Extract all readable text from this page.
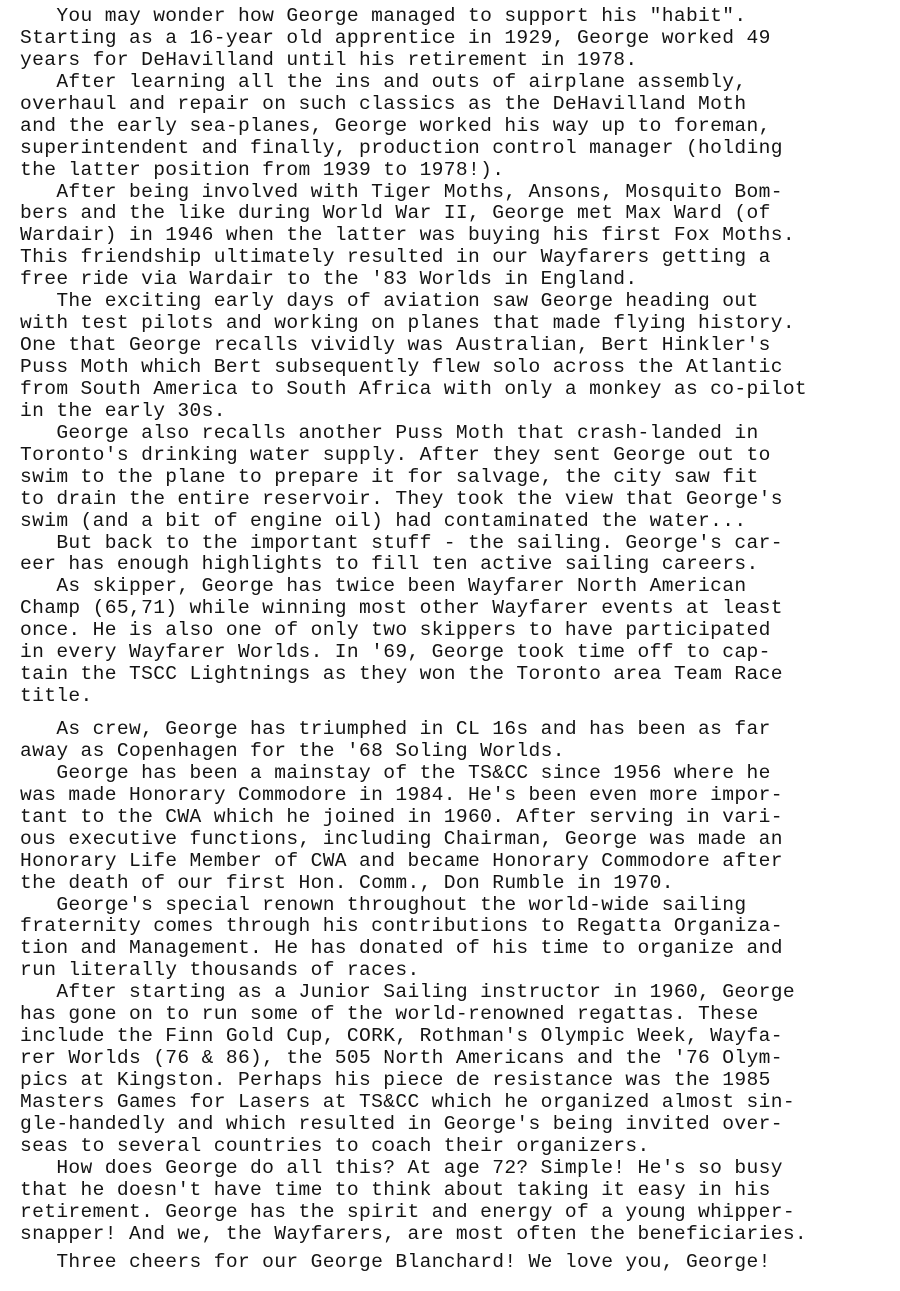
You may wonder how George managed to support his "habit".
Starting as a 16-year old apprentice in 1929, George worked 49
years for DeHavilland until his retirement in 1978.
After learning all the ins and outs of airplane assembly,
overhaul and repair on such classics as the DeHavilland Moth
and the early sea-planes, George worked his way up to foreman,
superintendent and finally, production control manager (holding
the latter position from 1939 to 1978!).
After being involved with Tiger Moths, Ansons, Mosquito Bom-
bers and the like during World War II, George met Max Ward (of
Wardair) in 1946 when the latter was buying his first Fox Moths.
This friendship ultimately resulted in our Wayfarers getting a
free ride via Wardair to the '83 Worlds in England.
The exciting early days of aviation saw George heading out
with test pilots and working on planes that made flying history.
One that George recalls vividly was Australian, Bert Hinkler's
Puss Moth which Bert subsequently flew solo across the Atlantic
from South America to South Africa with only a monkey as co-pilot
in the early 30s.
George also recalls another Puss Moth that crash-landed in
Toronto's drinking water supply. After they sent George out to
swim to the plane to prepare it for salvage, the city saw fit
to drain the entire reservoir. They took the view that George's
swim (and a bit of engine oil) had contaminated the water...
But back to the important stuff - the sailing. George's car-
eer has enough highlights to fill ten active sailing careers.
As skipper, George has twice been Wayfarer North American
Champ (65,71) while winning most other Wayfarer events at least
once. He is also one of only two skippers to have participated
in every Wayfarer Worlds. In '69, George took time off to cap-
tain the TSCC Lightnings as they won the Toronto area Team Race
title.
As crew, George has triumphed in CL 16s and has been as far
away as Copenhagen for the '68 Soling Worlds.
George has been a mainstay of the TS&CC since 1956 where he
was made Honorary Commodore in 1984. He's been even more impor-
tant to the CWA which he joined in 1960. After serving in vari-
ous executive functions, including Chairman, George was made an
Honorary Life Member of CWA and became Honorary Commodore after
the death of our first Hon. Comm., Don Rumble in 1970.
George's special renown throughout the world-wide sailing
fraternity comes through his contributions to Regatta Organiza-
tion and Management. He has donated of his time to organize and
run literally thousands of races.
After starting as a Junior Sailing instructor in 1960, George
has gone on to run some of the world-renowned regattas. These
include the Finn Gold Cup, CORK, Rothman's Olympic Week, Wayfa-
rer Worlds (76 & 86), the 505 North Americans and the '76 Olym-
pics at Kingston. Perhaps his piece de resistance was the 1985
Masters Games for Lasers at TS&CC which he organized almost sin-
gle-handedly and which resulted in George's being invited over-
seas to several countries to coach their organizers.
How does George do all this? At age 72? Simple! He's so busy
that he doesn't have time to think about taking it easy in his
retirement. George has the spirit and energy of a young whipper-
snapper! And we, the Wayfarers, are most often the beneficiaries.
Three cheers for our George Blanchard! We love you, George!
